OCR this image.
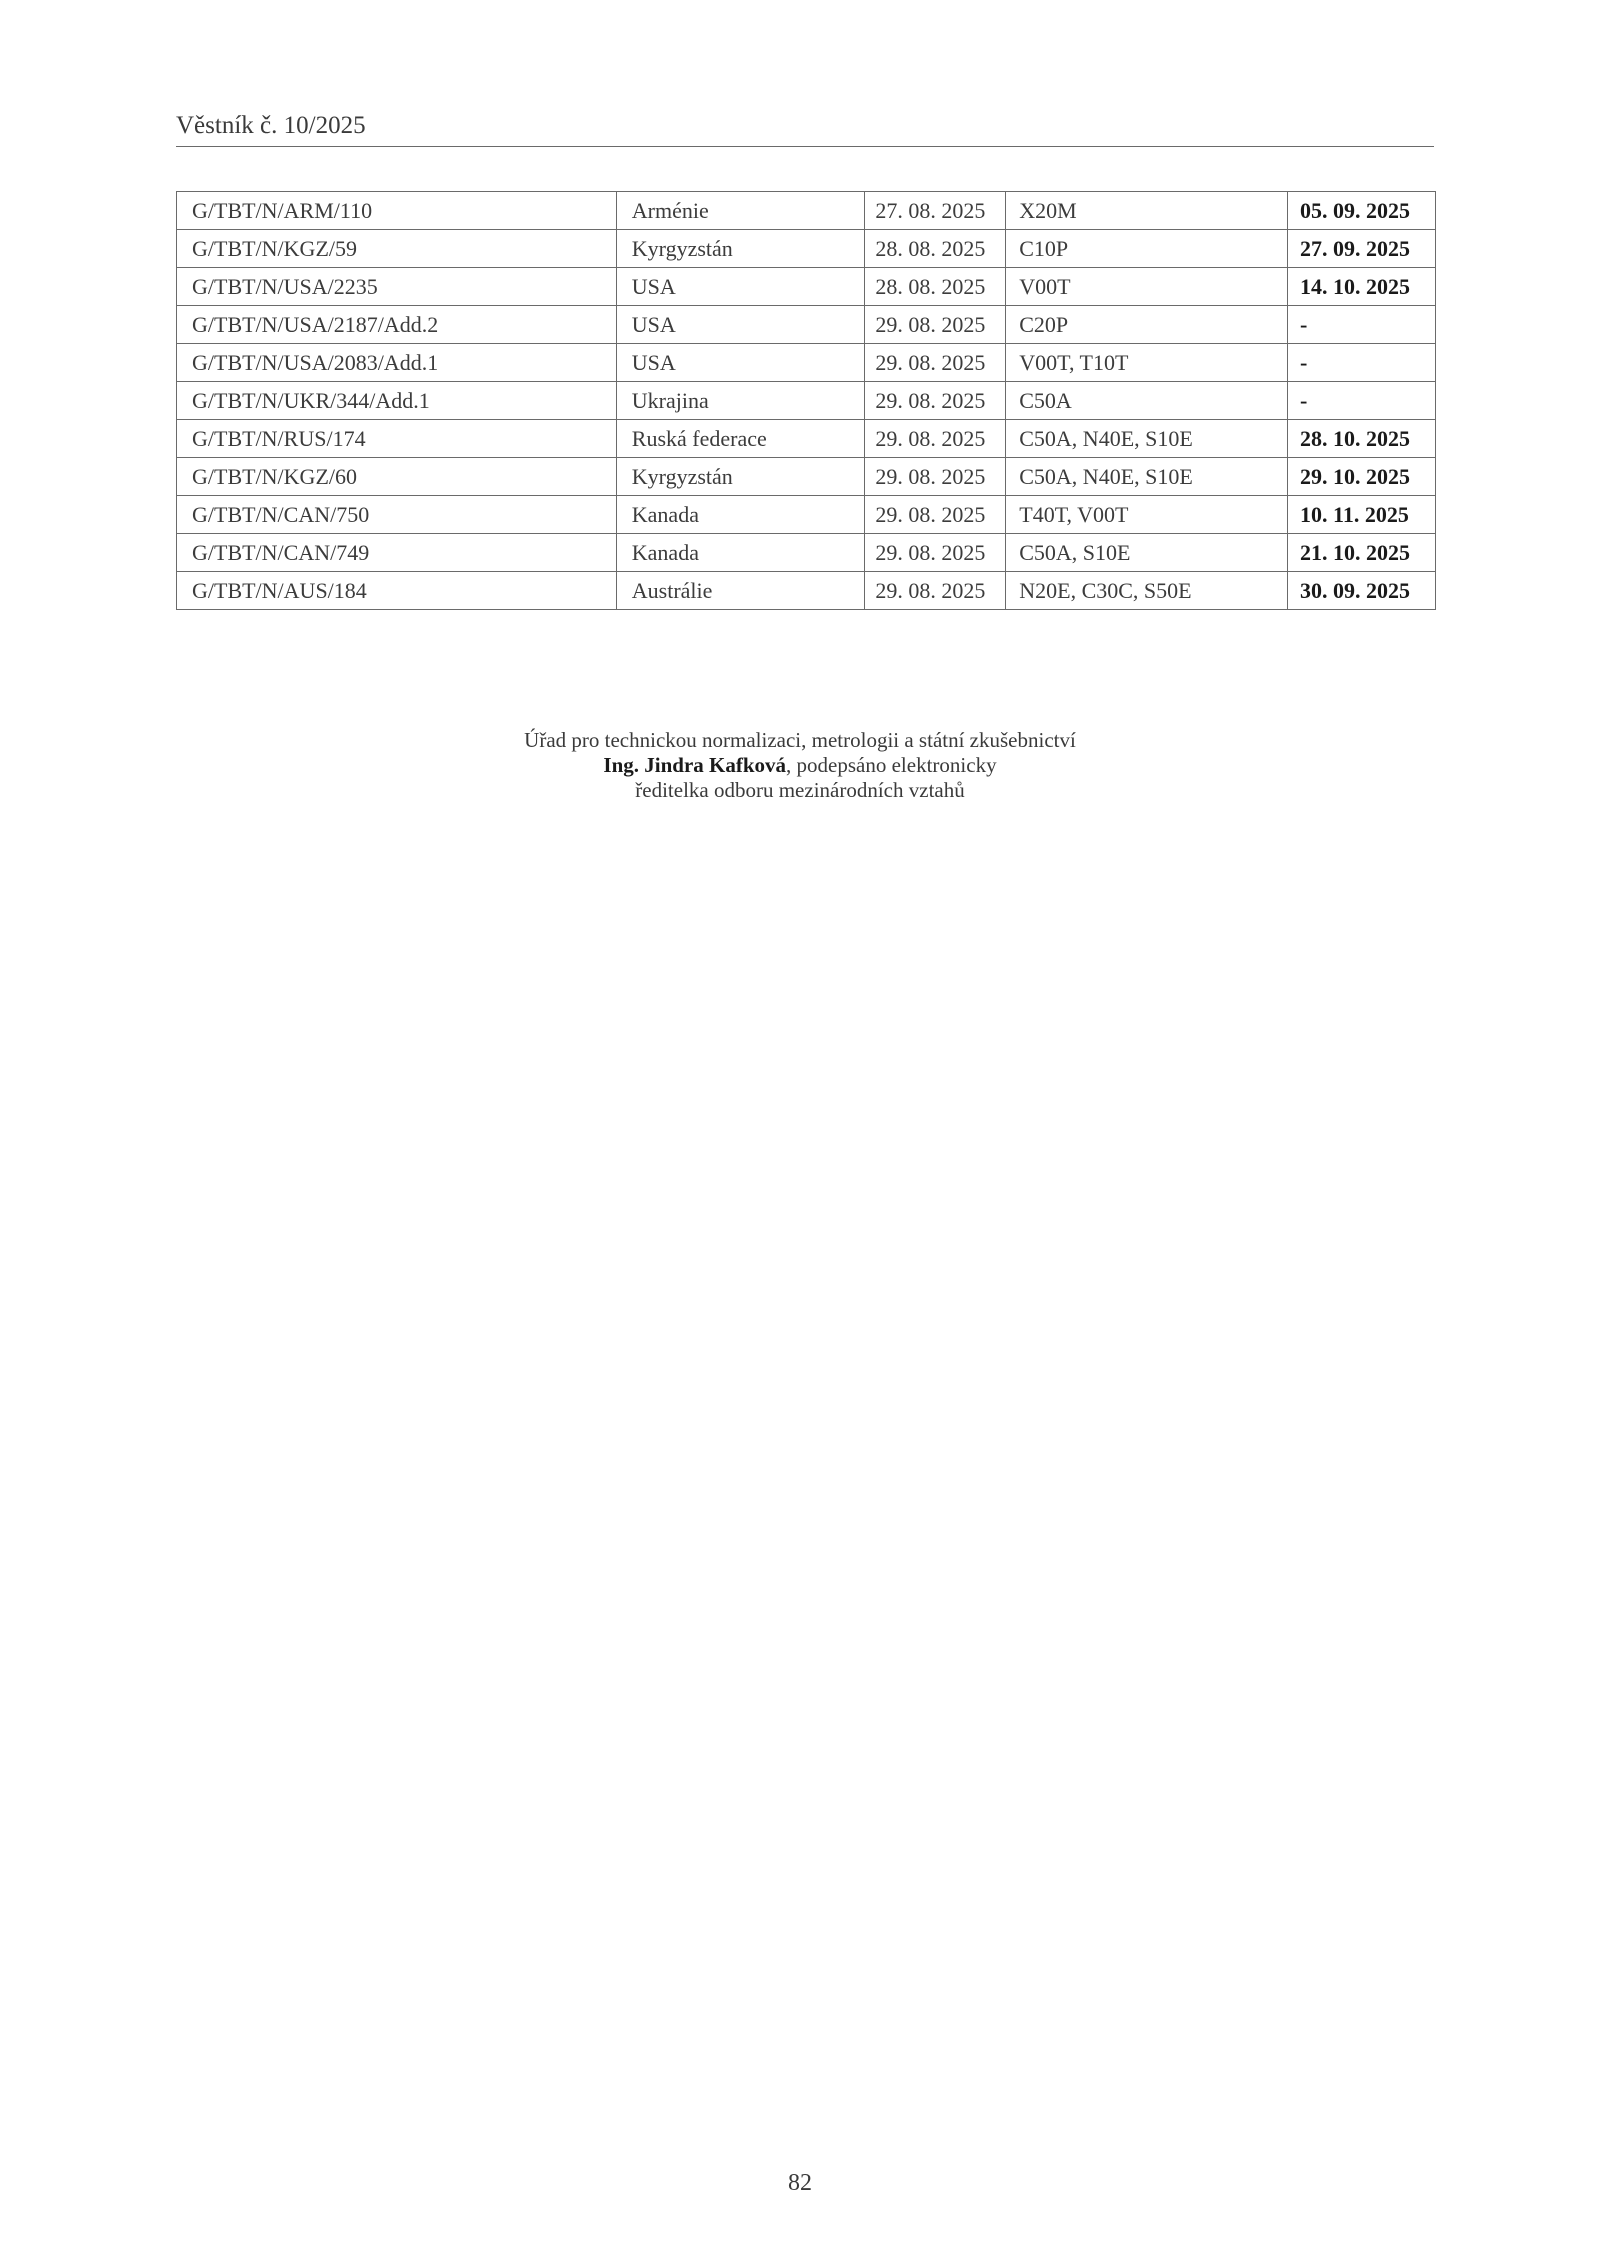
Věstník č. 10/2025
G/TBT/N/ARM/110	Arménie	27. 08. 2025	X20M	05. 09. 2025
G/TBT/N/KGZ/59	Kyrgyzstán	28. 08. 2025	C10P	27. 09. 2025
G/TBT/N/USA/2235	USA	28. 08. 2025	V00T	14. 10. 2025
G/TBT/N/USA/2187/Add.2	USA	29. 08. 2025	C20P	-
G/TBT/N/USA/2083/Add.1	USA	29. 08. 2025	V00T, T10T	-
G/TBT/N/UKR/344/Add.1	Ukrajina	29. 08. 2025	C50A	-
G/TBT/N/RUS/174	Ruská federace	29. 08. 2025	C50A, N40E, S10E	28. 10. 2025
G/TBT/N/KGZ/60	Kyrgyzstán	29. 08. 2025	C50A, N40E, S10E	29. 10. 2025
G/TBT/N/CAN/750	Kanada	29. 08. 2025	T40T, V00T	10. 11. 2025
G/TBT/N/CAN/749	Kanada	29. 08. 2025	C50A, S10E	21. 10. 2025
G/TBT/N/AUS/184	Austrálie	29. 08. 2025	N20E, C30C, S50E	30. 09. 2025
Úřad pro technickou normalizaci, metrologii a státní zkušebnictví
Ing. Jindra Kafková, podepsáno elektronicky
ředitelka odboru mezinárodních vztahů
82
